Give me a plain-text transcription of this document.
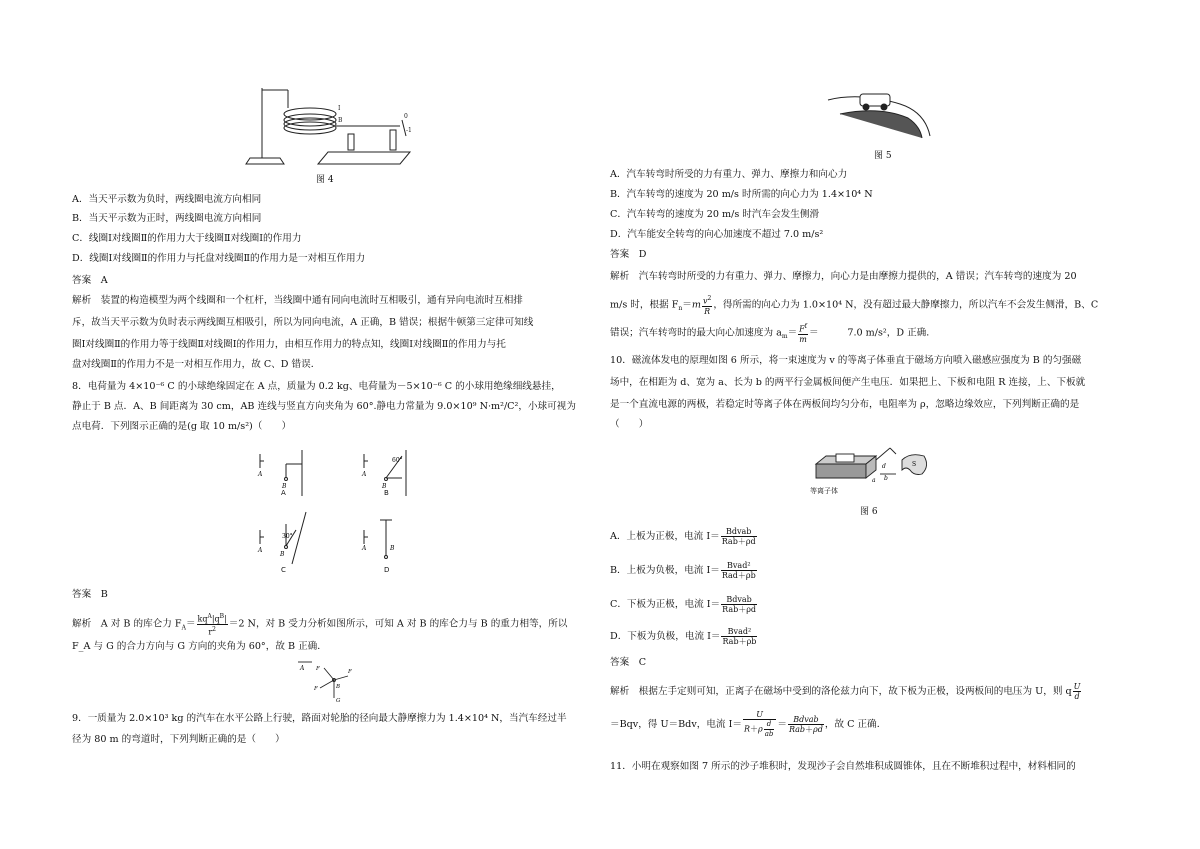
I
B
0
-1
图 4
A．当天平示数为负时，两线圈电流方向相同
B．当天平示数为正时，两线圈电流方向相同
C．线圈Ⅰ对线圈Ⅱ的作用力大于线圈Ⅱ对线圈Ⅰ的作用力
D．线圈Ⅰ对线圈Ⅱ的作用力与托盘对线圈Ⅱ的作用力是一对相互作用力
答案　A
解析　装置的构造模型为两个线圈和一个杠杆，当线圈中通有同向电流时互相吸引，通有异向电流时互相排
斥，故当天平示数为负时表示两线圈互相吸引，所以为同向电流，A 正确，B 错误；根据牛顿第三定律可知线
圈Ⅰ对线圈Ⅱ的作用力等于线圈Ⅱ对线圈Ⅰ的作用力，由相互作用力的特点知，线圈Ⅰ对线圈Ⅱ的作用力与托
盘对线圈Ⅱ的作用力不是一对相互作用力，故 C、D 错误．
8．电荷量为 4×10⁻⁶ C 的小球绝缘固定在 A 点，质量为 0.2 kg、电荷量为－5×10⁻⁶ C 的小球用绝缘细线悬挂，
静止于 B 点．A、B 间距离为 30 cm，AB 连线与竖直方向夹角为 60°.静电力常量为 9.0×10⁹ N·m²/C²，小球可视为
点电荷．下列图示正确的是(g 取 10 m/s²)（　　）
A
B
A
60°
A
B
B
30°
A
B
C
A	B
D
答案　B
解析　A 对 B 的库仑力 $F_A= \frac{kq^A|q^B|}{r^2} =2$ N，对 B 受力分析如图所示，可知 A 对 B 的库仑力与 B 的重力相等，所以
F_A 与 G 的合力方向与 G 方向的夹角为 60°，故 B 正确．
A F	F
F	B
G
9．一质量为 2.0×10³ kg 的汽车在水平公路上行驶，路面对轮胎的径向最大静摩擦力为 1.4×10⁴ N，当汽车经过半
径为 80 m 的弯道时，下列判断正确的是（　　）
图 5
A．汽车转弯时所受的力有重力、弹力、摩擦力和向心力
B．汽车转弯的速度为 20 m/s 时所需的向心力为 1.4×10⁴ N
C．汽车转弯的速度为 20 m/s 时汽车会发生侧滑
D．汽车能安全转弯的向心加速度不超过 7.0 m/s²
答案　D
解析　汽车转弯时所受的力有重力、弹力、摩擦力，向心力是由摩擦力提供的，A 错误；汽车转弯的速度为 20
m/s 时，根据 $F_n=m \frac{v^2}{R}$ ，得所需的向心力为 1.0×10⁴ N，没有超过最大静摩擦力，所以汽车不会发生侧滑，B、C
错误；汽车转弯时的最大向心加速度为 $a_m= \frac{F^f}{m}$ ＝   7.0 m/s²，D 正确．
10．磁流体发电的原理如图 6 所示，将一束速度为 v 的等离子体垂直于磁场方向喷入磁感应强度为 B 的匀强磁
场中，在相距为 d、宽为 a、长为 b 的两平行金属板间便产生电压．如果把上、下板和电阻 R 连接，上、下板就
是一个直流电源的两极，若稳定时等离子体在两板间均匀分布，电阻率为 ρ，忽略边缘效应，下列判断正确的是
（　　）
d
b
a
S
等离子体
图 6
A．上板为正极，电流 $I= \frac{\text{Bdvab}}{\text{Rab＋ρd}}$
B．上板为负极，电流 $I= \frac{\text{Bvad²}}{\text{Rad＋ρb}}$
C．下板为正极，电流 $I= \frac{\text{Bdvab}}{\text{Rab＋ρd}}$
D．下板为负极，电流 $I= \frac{\text{Bvad²}}{\text{Rab＋ρb}}$
答案　C
解析　根据左手定则可知，正离子在磁场中受到的洛伦兹力向下，故下板为正极，设两板间的电压为 U，则 q $\frac{U}{d}$
＝Bqv，得 U＝Bdv，电流 $I= \frac{U}{R+\rho \frac{d}{ab}} = \frac{\text{Bdvab}}{\text{Rab＋ρd}}$ ，故 C 正确．
11．小明在观察如图 7 所示的沙子堆积时，发现沙子会自然堆积成圆锥体，且在不断堆积过程中，材料相同的
